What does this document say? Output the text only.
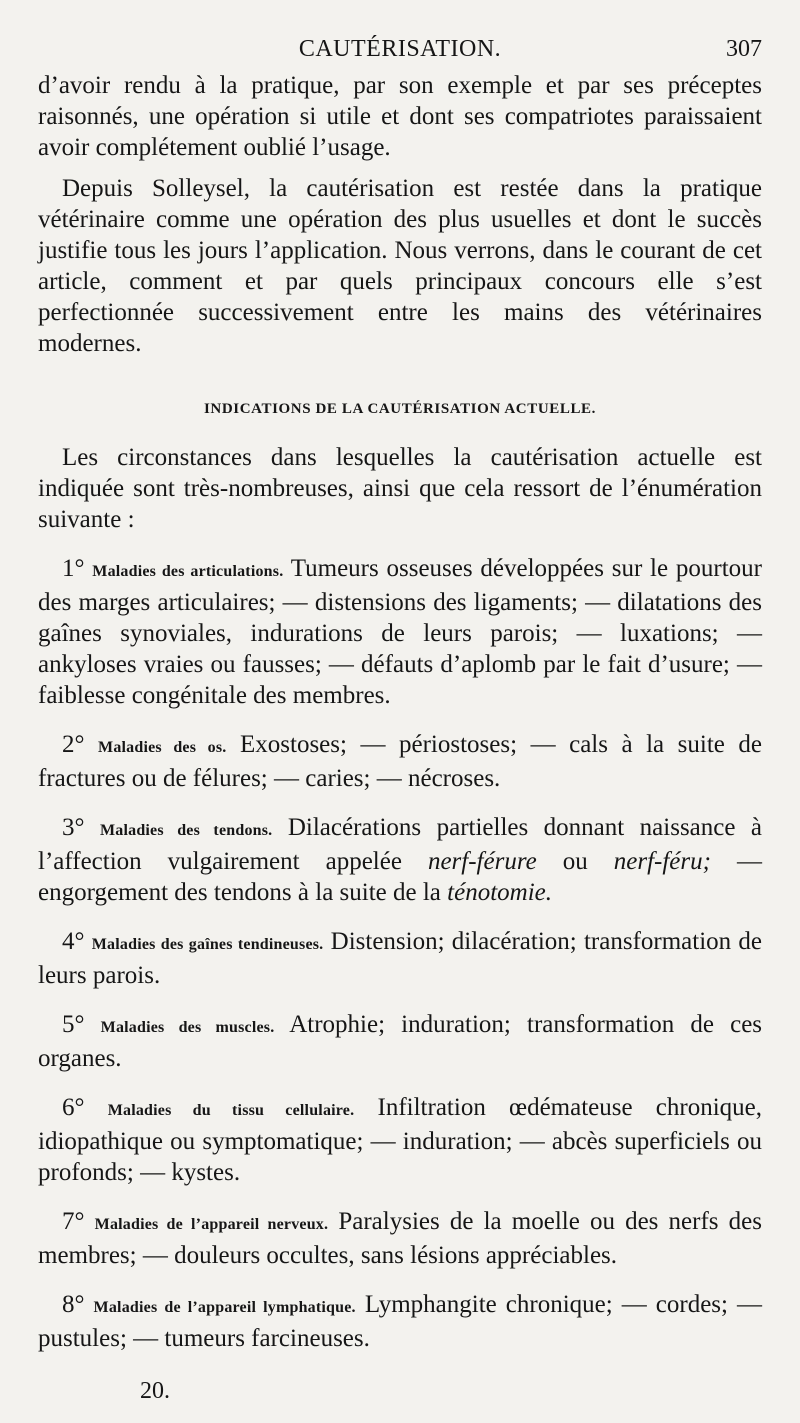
CAUTÉRISATION.	307

d’avoir rendu à la pratique, par son exemple et par ses préceptes raisonnés, une opération si utile et dont ses compatriotes paraissaient avoir complétement oublié l’usage.

Depuis Solleysel, la cautérisation est restée dans la pratique vétérinaire comme une opération des plus usuelles et dont le succès justifie tous les jours l’application. Nous verrons, dans le courant de cet article, comment et par quels principaux concours elle s’est perfectionnée successivement entre les mains des vétérinaires modernes.

INDICATIONS DE LA CAUTÉRISATION ACTUELLE.

Les circonstances dans lesquelles la cautérisation actuelle est indiquée sont très-nombreuses, ainsi que cela ressort de l’énumération suivante :

1° Maladies des articulations. Tumeurs osseuses développées sur le pourtour des marges articulaires; — distensions des ligaments; — dilatations des gaînes synoviales, indurations de leurs parois; — luxations; — ankyloses vraies ou fausses; — défauts d’aplomb par le fait d’usure; — faiblesse congénitale des membres.

2° Maladies des os. Exostoses; — périostoses; — cals à la suite de fractures ou de félures; — caries; — nécroses.

3° Maladies des tendons. Dilacérations partielles donnant naissance à l’affection vulgairement appelée nerf-férure ou nerf-féru; — engorgement des tendons à la suite de la ténotomie.

4° Maladies des gaînes tendineuses. Distension; dilacération; transformation de leurs parois.

5° Maladies des muscles. Atrophie; induration; transformation de ces organes.

6° Maladies du tissu cellulaire. Infiltration œdémateuse chronique, idiopathique ou symptomatique; — induration; — abcès superficiels ou profonds; — kystes.

7° Maladies de l’appareil nerveux. Paralysies de la moelle ou des nerfs des membres; — douleurs occultes, sans lésions appréciables.

8° Maladies de l’appareil lymphatique. Lymphangite chronique; — cordes; — pustules; — tumeurs farcineuses.

20.
